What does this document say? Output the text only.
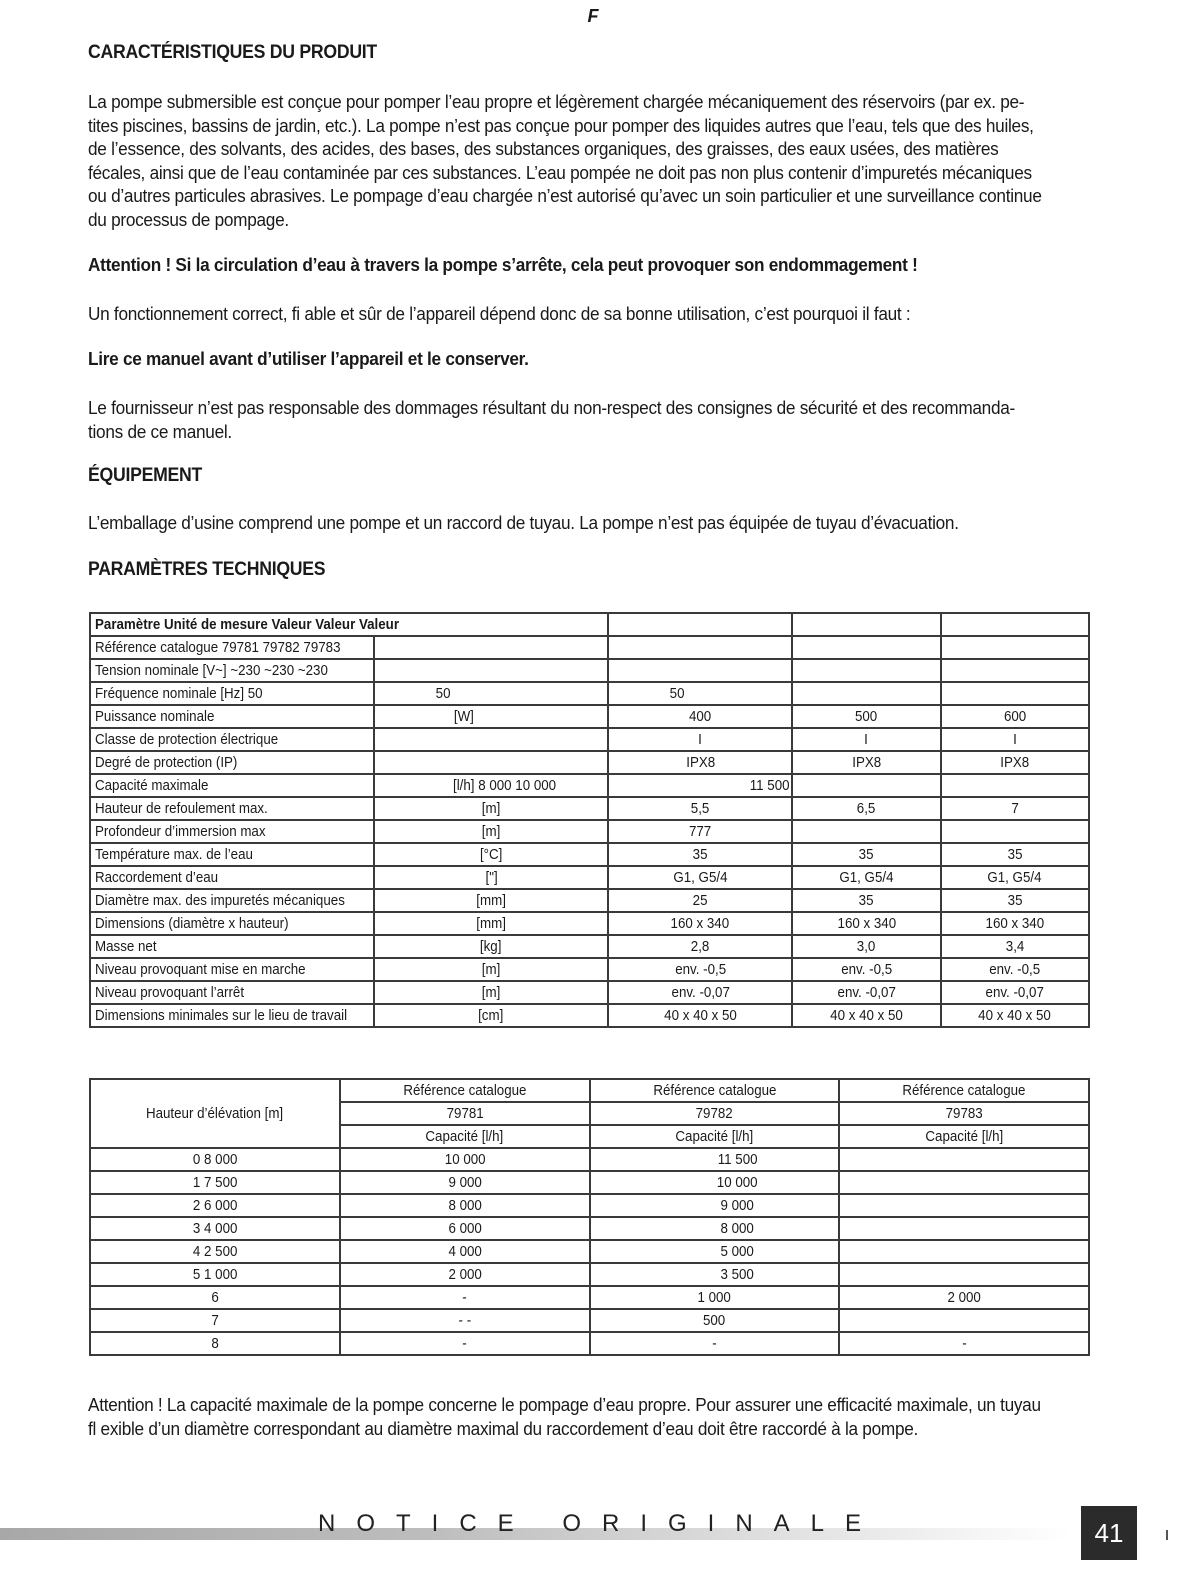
F
CARACTÉRISTIQUES DU PRODUIT

La pompe submersible est conçue pour pomper l’eau propre et légèrement chargée mécaniquement des réservoirs (par ex. pe-

tites piscines, bassins de jardin, etc.). La pompe n’est pas conçue pour pomper des liquides autres que l’eau, tels que des huiles,

de l’essence, des solvants, des acides, des bases, des substances organiques, des graisses, des eaux usées, des matières

fécales, ainsi que de l’eau contaminée par ces substances. L’eau pompée ne doit pas non plus contenir d’impuretés mécaniques

ou d’autres particules abrasives. Le pompage d’eau chargée n’est autorisé qu’avec un soin particulier et une surveillance continue

du processus de pompage.

Attention ! Si la circulation d’eau à travers la pompe s’arrête, cela peut provoquer son endommagement !

Un fonctionnement correct, fi able et sûr de l’appareil dépend donc de sa bonne utilisation, c’est pourquoi il faut :

Lire ce manuel avant d’utiliser l’appareil et le conserver.

Le fournisseur n’est pas responsable des dommages résultant du non-respect des consignes de sécurité et des recommanda-

tions de ce manuel.

ÉQUIPEMENT

L’emballage d’usine comprend une pompe et un raccord de tuyau. La pompe n’est pas équipée de tuyau d’évacuation.

PARAMÈTRES TECHNIQUES
Paramètre Unité de mesure Valeur Valeur Valeur				
Référence catalogue 79781 79782 79783				
Tension nominale [V~] ~230 ~230 ~230				
Fréquence nominale [Hz] 50	50	50		
Puissance nominale	[W]	400	500	600
Classe de protection électrique		I	I	I
Degré de protection (IP)		IPX8	IPX8	IPX8
Capacité maximale	[l/h] 8 000 10 000	11 500		
Hauteur de refoulement max.	[m]	5,5	6,5	7
Profondeur d’immersion max	[m]	777		
Température max. de l’eau	[°C]	35	35	35
Raccordement d’eau	["]	G1, G5/4	G1, G5/4	G1, G5/4
Diamètre max. des impuretés mécaniques	[mm]	25	35	35
Dimensions (diamètre x hauteur)	[mm]	160 x 340	160 x 340	160 x 340
Masse net	[kg]	2,8	3,0	3,4
Niveau provoquant mise en marche	[m]	env. -0,5	env. -0,5	env. -0,5
Niveau provoquant l’arrêt	[m]	env. -0,07	env. -0,07	env. -0,07
Dimensions minimales sur le lieu de travail	[cm]	40 x 40 x 50	40 x 40 x 50	40 x 40 x 50
Hauteur d’élévation [m]	Référence catalogue	Référence catalogue	Référence catalogue
	79781	79782	79783
	Capacité [l/h]	Capacité [l/h]	Capacité [l/h]
0 8 000	10 000	11 500	
1 7 500	9 000	10 000	
2 6 000	8 000	9 000	
3 4 000	6 000	8 000	
4 2 500	4 000	5 000	
5 1 000	2 000	3 500	
6	-	1 000	2 000
7	- -	500	
8	-	-	-

Attention ! La capacité maximale de la pompe concerne le pompage d’eau propre. Pour assurer une efficacité maximale, un tuyau

fl exible d’un diamètre correspondant au diamètre maximal du raccordement d’eau doit être raccordé à la pompe.

NOTICE ORIGINALE	41
